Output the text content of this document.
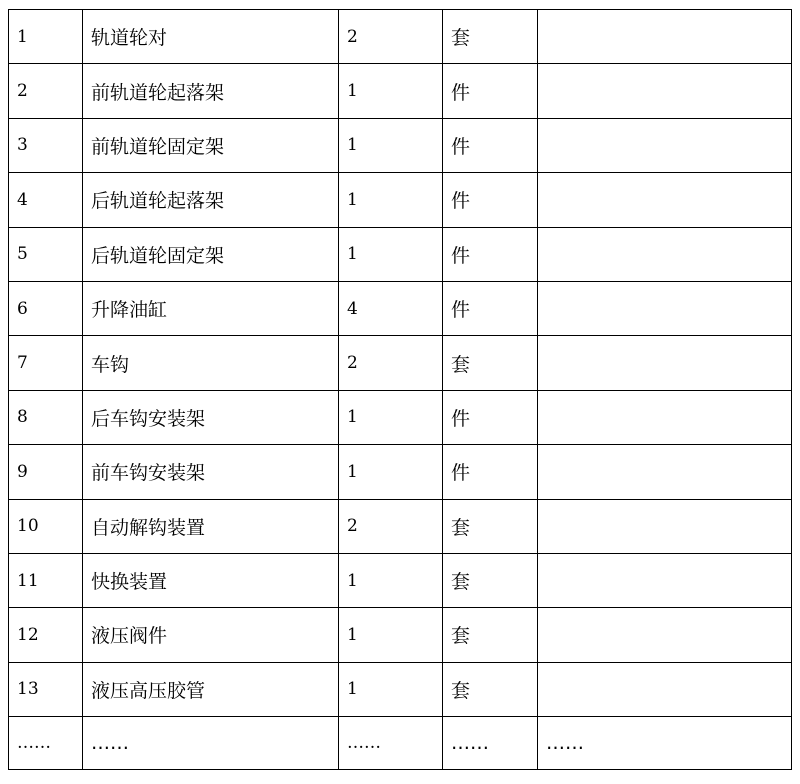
1	轨道轮对	2	套	
2	前轨道轮起落架	1	件	
3	前轨道轮固定架	1	件	
4	后轨道轮起落架	1	件	
5	后轨道轮固定架	1	件	
6	升降油缸	4	件	
7	车钩	2	套	
8	后车钩安装架	1	件	
9	前车钩安装架	1	件	
10	自动解钩装置	2	套	
11	快换装置	1	套	
12	液压阀件	1	套	
13	液压高压胶管	1	套	
……	……	……	……	……
